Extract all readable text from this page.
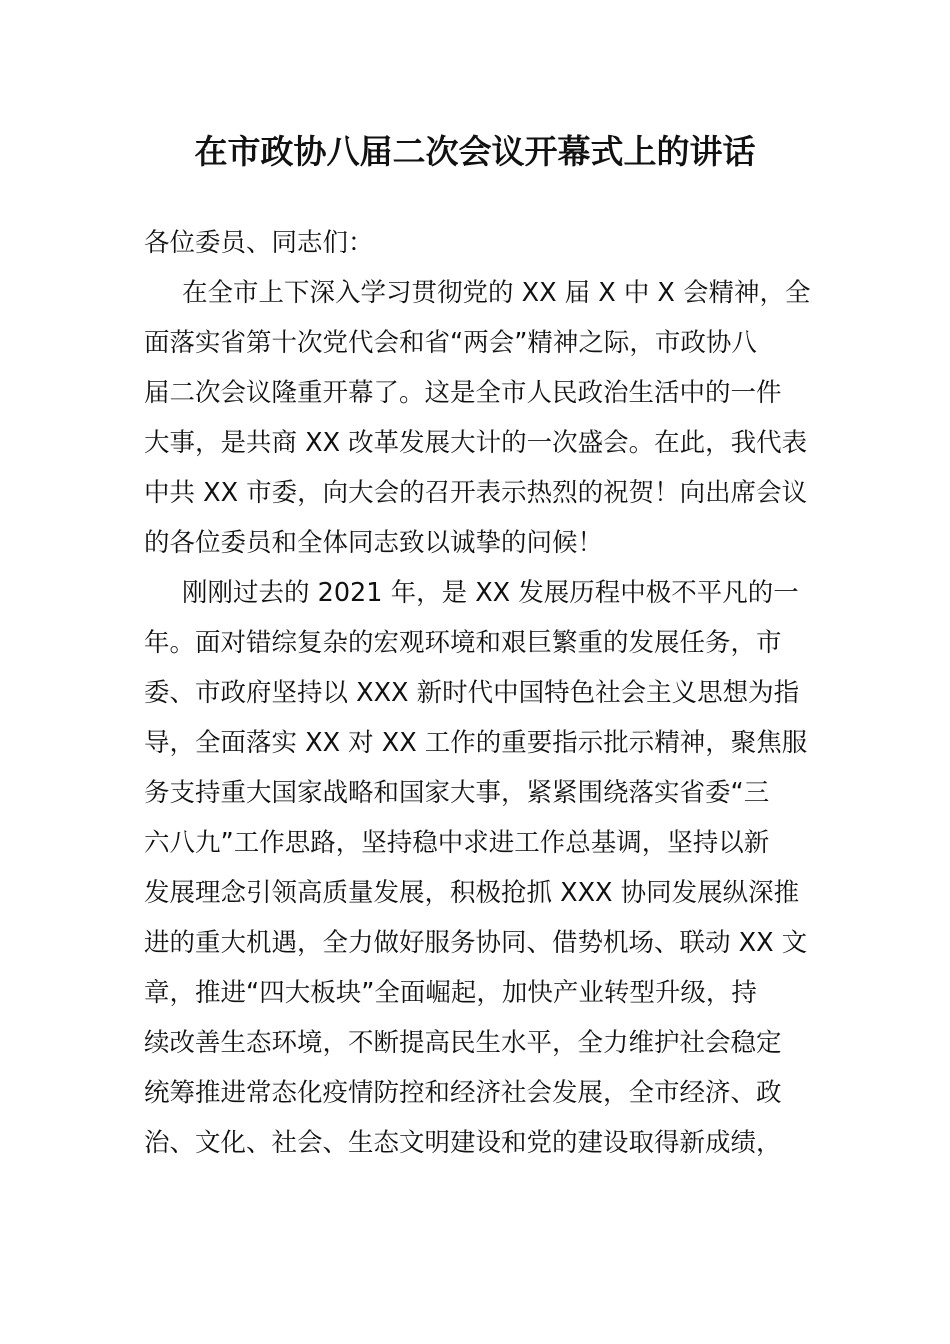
在市政协八届二次会议开幕式上的讲话
各位委员、同志们：
在全市上下深入学习贯彻党的 XX 届 X 中 X 会精神，全
面落实省第十次党代会和省“两会”精神之际，市政协八
届二次会议隆重开幕了。这是全市人民政治生活中的一件
大事，是共商 XX 改革发展大计的一次盛会。在此，我代表
中共 XX 市委，向大会的召开表示热烈的祝贺！向出席会议
的各位委员和全体同志致以诚挚的问候！
刚刚过去的 2021 年，是 XX 发展历程中极不平凡的一
年。面对错综复杂的宏观环境和艰巨繁重的发展任务，市
委、市政府坚持以 XXX 新时代中国特色社会主义思想为指
导，全面落实 XX 对 XX 工作的重要指示批示精神，聚焦服
务支持重大国家战略和国家大事，紧紧围绕落实省委“三
六八九”工作思路，坚持稳中求进工作总基调，坚持以新
发展理念引领高质量发展，积极抢抓 XXX 协同发展纵深推
进的重大机遇，全力做好服务协同、借势机场、联动 XX 文
章，推进“四大板块”全面崛起，加快产业转型升级，持
续改善生态环境，不断提高民生水平，全力维护社会稳定
统筹推进常态化疫情防控和经济社会发展，全市经济、政
治、文化、社会、生态文明建设和党的建设取得新成绩，
